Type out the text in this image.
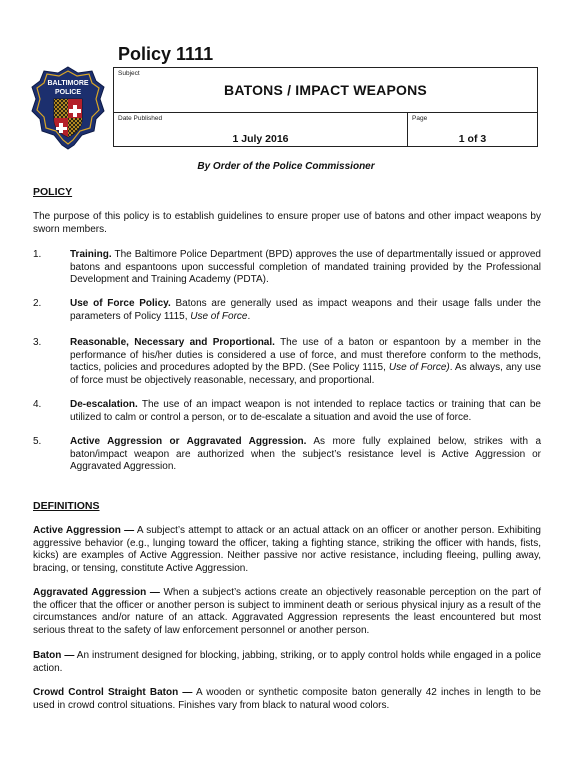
BALTIMORE
POLICE
Policy 1111
Subject
BATONS / IMPACT WEAPONS
Date Published
1 July 2016
Page
1 of 3
By Order of the Police Commissioner
POLICY
The purpose of this policy is to establish guidelines to ensure proper use of batons and other impact weapons by sworn members.
1.	Training. The Baltimore Police Department (BPD) approves the use of departmentally issued or approved batons and espantoons upon successful completion of mandated training provided by the Professional Development and Training Academy (PDTA).
2.	Use of Force Policy. Batons are generally used as impact weapons and their usage falls under the parameters of Policy 1115, Use of Force.
3.	Reasonable, Necessary and Proportional. The use of a baton or espantoon by a member in the performance of his/her duties is considered a use of force, and must therefore conform to the methods, tactics, policies and procedures adopted by the BPD. (See Policy 1115, Use of Force). As always, any use of force must be objectively reasonable, necessary, and proportional.
4.	De-escalation. The use of an impact weapon is not intended to replace tactics or training that can be utilized to calm or control a person, or to de-escalate a situation and avoid the use of force.
5.	Active Aggression or Aggravated Aggression. As more fully explained below, strikes with a baton/impact weapon are authorized when the subject’s resistance level is Active Aggression or Aggravated Aggression.
DEFINITIONS
Active Aggression — A subject’s attempt to attack or an actual attack on an officer or another person. Exhibiting aggressive behavior (e.g., lunging toward the officer, taking a fighting stance, striking the officer with hands, fists, kicks) are examples of Active Aggression. Neither passive nor active resistance, including fleeing, pulling away, bracing, or tensing, constitute Active Aggression.
Aggravated Aggression — When a subject’s actions create an objectively reasonable perception on the part of the officer that the officer or another person is subject to imminent death or serious physical injury as a result of the circumstances and/or nature of an attack. Aggravated Aggression represents the least encountered but most serious threat to the safety of law enforcement personnel or another person.
Baton — An instrument designed for blocking, jabbing, striking, or to apply control holds while engaged in a police action.
Crowd Control Straight Baton — A wooden or synthetic composite baton generally 42 inches in length to be used in crowd control situations. Finishes vary from black to natural wood colors.
